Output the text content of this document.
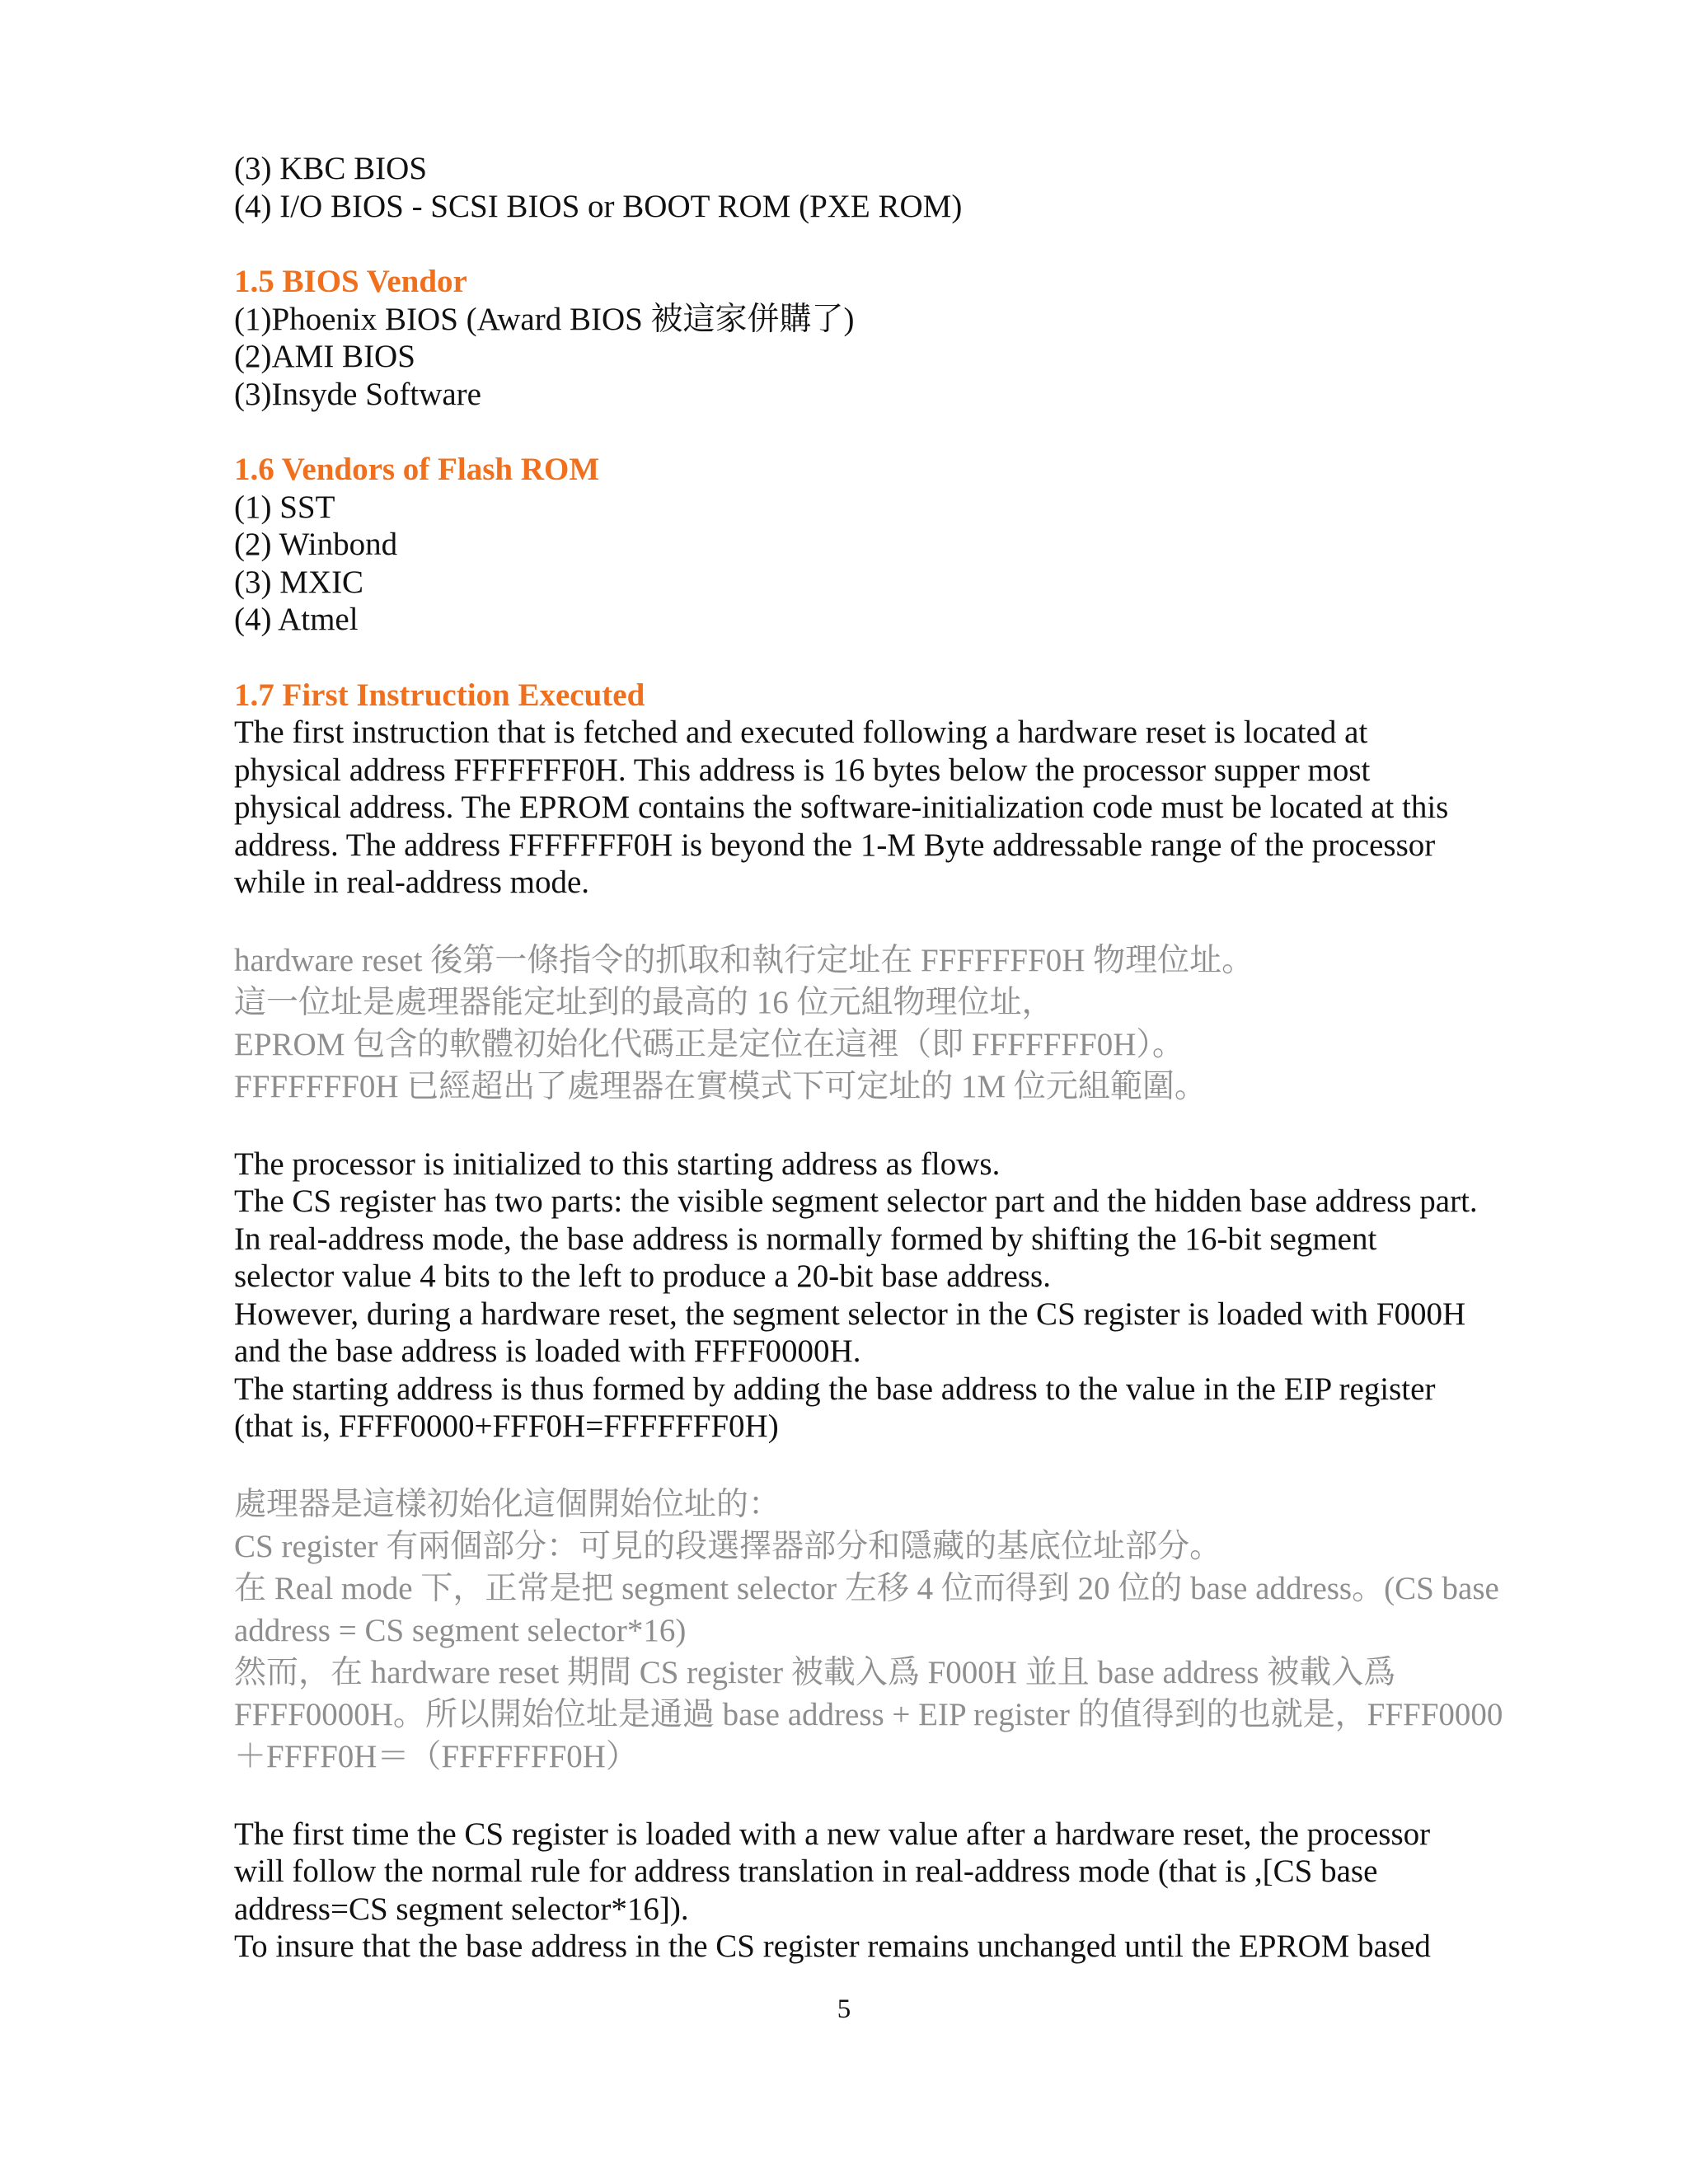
(3) KBC BIOS
(4) I/O BIOS - SCSI BIOS or BOOT ROM (PXE ROM)
1.5 BIOS Vendor
(1)Phoenix BIOS (Award BIOS 被這家併購了)
(2)AMI BIOS
(3)Insyde Software
1.6 Vendors of Flash ROM
(1) SST
(2) Winbond
(3) MXIC
(4) Atmel
1.7 First Instruction Executed
The first instruction that is fetched and executed following a hardware reset is located at
physical address FFFFFFF0H. This address is 16 bytes below the processor supper most
physical address. The EPROM contains the software-initialization code must be located at this
address. The address FFFFFFF0H is beyond the 1-M Byte addressable range of the processor
while in real-address mode.
hardware reset 後第一條指令的抓取和執行定址在 FFFFFFF0H 物理位址。
這一位址是處理器能定址到的最高的 16 位元組物理位址，
EPROM 包含的軟體初始化代碼正是定位在這裡（即 FFFFFFF0H）。
FFFFFFF0H 已經超出了處理器在實模式下可定址的 1M 位元組範圍。
The processor is initialized to this starting address as flows.
The CS register has two parts: the visible segment selector part and the hidden base address part.
In real-address mode, the base address is normally formed by shifting the 16-bit segment
selector value 4 bits to the left to produce a 20-bit base address.
However, during a hardware reset, the segment selector in the CS register is loaded with F000H
and the base address is loaded with FFFF0000H.
The starting address is thus formed by adding the base address to the value in the EIP register
(that is, FFFF0000+FFF0H=FFFFFFF0H)
處理器是這樣初始化這個開始位址的：
CS register 有兩個部分：可見的段選擇器部分和隱藏的基底位址部分。
在 Real mode 下，正常是把 segment selector 左移 4 位而得到 20 位的 base address。(CS base
address = CS segment selector*16)
然而，在 hardware reset 期間 CS register 被載入爲 F000H 並且 base address 被載入爲
FFFF0000H。所以開始位址是通過 base address + EIP register 的值得到的也就是，FFFF0000
＋FFFF0H＝（FFFFFFF0H）
The first time the CS register is loaded with a new value after a hardware reset, the processor
will follow the normal rule for address translation in real-address mode (that is ,[CS base
address=CS segment selector*16]).
To insure that the base address in the CS register remains unchanged until the EPROM based
5
